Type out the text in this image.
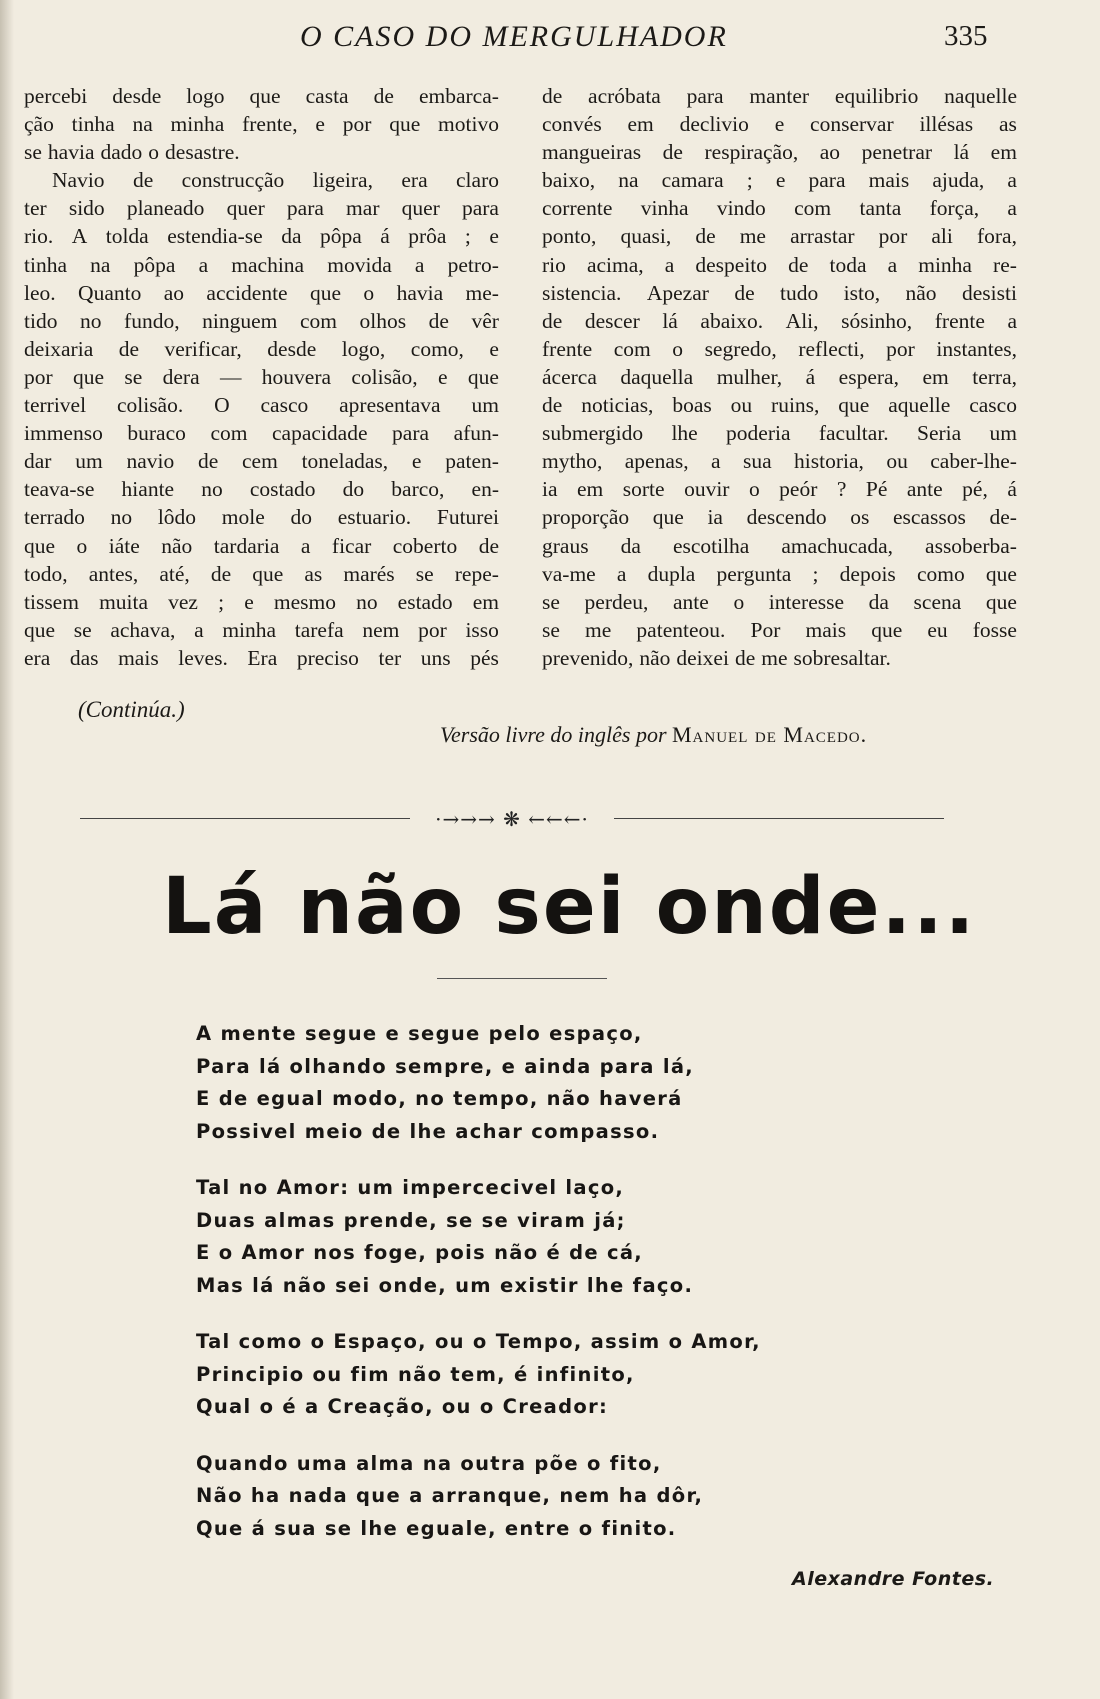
O CASO DO MERGULHADOR	335
percebi desde logo que casta de embarca-
ção tinha na minha frente, e por que motivo
se havia dado o desastre.
Navio de construcção ligeira, era claro
ter sido planeado quer para mar quer para
rio. A tolda estendia-se da pôpa á prôa ; e
tinha na pôpa a machina movida a petro-
leo. Quanto ao accidente que o havia me-
tido no fundo, ninguem com olhos de vêr
deixaria de verificar, desde logo, como, e
por que se dera — houvera colisão, e que
terrivel colisão. O casco apresentava um
immenso buraco com capacidade para afun-
dar um navio de cem toneladas, e paten-
teava-se hiante no costado do barco, en-
terrado no lôdo mole do estuario. Futurei
que o iáte não tardaria a ficar coberto de
todo, antes, até, de que as marés se repe-
tissem muita vez ; e mesmo no estado em
que se achava, a minha tarefa nem por isso
era das mais leves. Era preciso ter uns pés
de acróbata para manter equilibrio naquelle
convés em declivio e conservar illésas as
mangueiras de respiração, ao penetrar lá em
baixo, na camara ; e para mais ajuda, a
corrente vinha vindo com tanta força, a
ponto, quasi, de me arrastar por ali fora,
rio acima, a despeito de toda a minha re-
sistencia. Apezar de tudo isto, não desisti
de descer lá abaixo. Ali, sósinho, frente a
frente com o segredo, reflecti, por instantes,
ácerca daquella mulher, á espera, em terra,
de noticias, boas ou ruins, que aquelle casco
submergido lhe poderia facultar. Seria um
mytho, apenas, a sua historia, ou caber-lhe-
ia em sorte ouvir o peór ? Pé ante pé, á
proporção que ia descendo os escassos de-
graus da escotilha amachucada, assoberba-
va-me a dupla pergunta ; depois como que
se perdeu, ante o interesse da scena que
se me patenteou. Por mais que eu fosse
prevenido, não deixei de me sobresaltar.
(Continúa.)
Versão livre do inglês por Manuel de Macedo.
·→→→ ❋ ←←←·
Lá não sei onde...
A mente segue e segue pelo espaço,
Para lá olhando sempre, e ainda para lá,
E de egual modo, no tempo, não haverá
Possivel meio de lhe achar compasso.
Tal no Amor: um impercecivel laço,
Duas almas prende, se se viram já;
E o Amor nos foge, pois não é de cá,
Mas lá não sei onde, um existir lhe faço.
Tal como o Espaço, ou o Tempo, assim o Amor,
Principio ou fim não tem, é infinito,
Qual o é a Creação, ou o Creador:
Quando uma alma na outra põe o fito,
Não ha nada que a arranque, nem ha dôr,
Que á sua se lhe eguale, entre o finito.
Alexandre Fontes.
